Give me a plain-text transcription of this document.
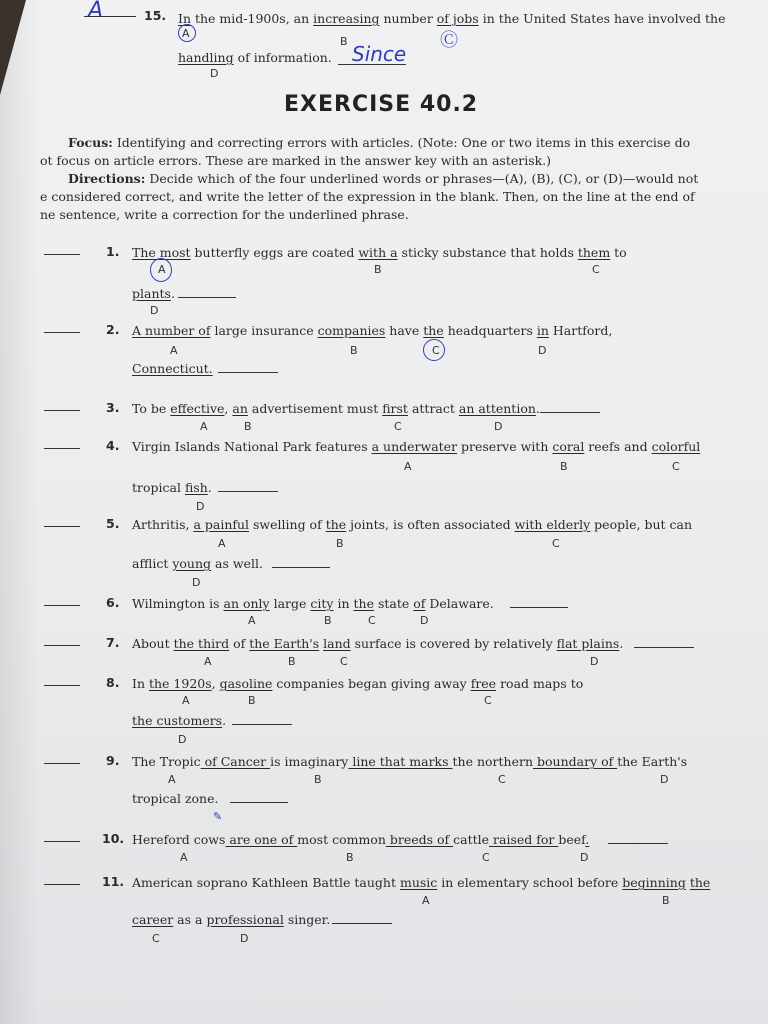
A	15. In the mid-1900s, an increasing number of jobs in the United States have involved the
A
B	Ⓒ
handling of information. Since
D
EXERCISE 40.2
Focus: Identifying and correcting errors with articles. (Note: One or two items in this exercise do
ot focus on article errors. These are marked in the answer key with an asterisk.)
Directions: Decide which of the four underlined words or phrases—(A), (B), (C), or (D)—would not
e considered correct, and write the letter of the expression in the blank. Then, on the line at the end of
ne sentence, write a correction for the underlined phrase.
1. The most butterfly eggs are coated with a sticky substance that holds them to
plants.
A	B	C
D
2. A number of large insurance companies have the headquarters in Hartford,
Connecticut.
A	B	C	D
3. To be effective, an advertisement must first attract an attention.
A	B	C	D
4. Virgin Islands National Park features a underwater preserve with coral reefs and colorful
tropical fish.
A	B	C
D
5. Arthritis, a painful swelling of the joints, is often associated with elderly people, but can
afflict young as well.
A	B	C
D
6. Wilmington is an only large city in the state of Delaware.
A	B	C	D
7. About the third of the Earth's land surface is covered by relatively flat plains.
A	B	C	D
8. In the 1920s, gasoline companies began giving away free road maps to
the customers.
A	B	C
D
9. The Tropic of Cancer is imaginary line that marks the northern boundary of the Earth's
tropical zone.
A	B	C	D
10. Hereford cows are one of most common breeds of cattle raised for beef.
A	B	C	D
11. American soprano Kathleen Battle taught music in elementary school before beginning the
career as a professional singer.
A	B
C	D
✎
